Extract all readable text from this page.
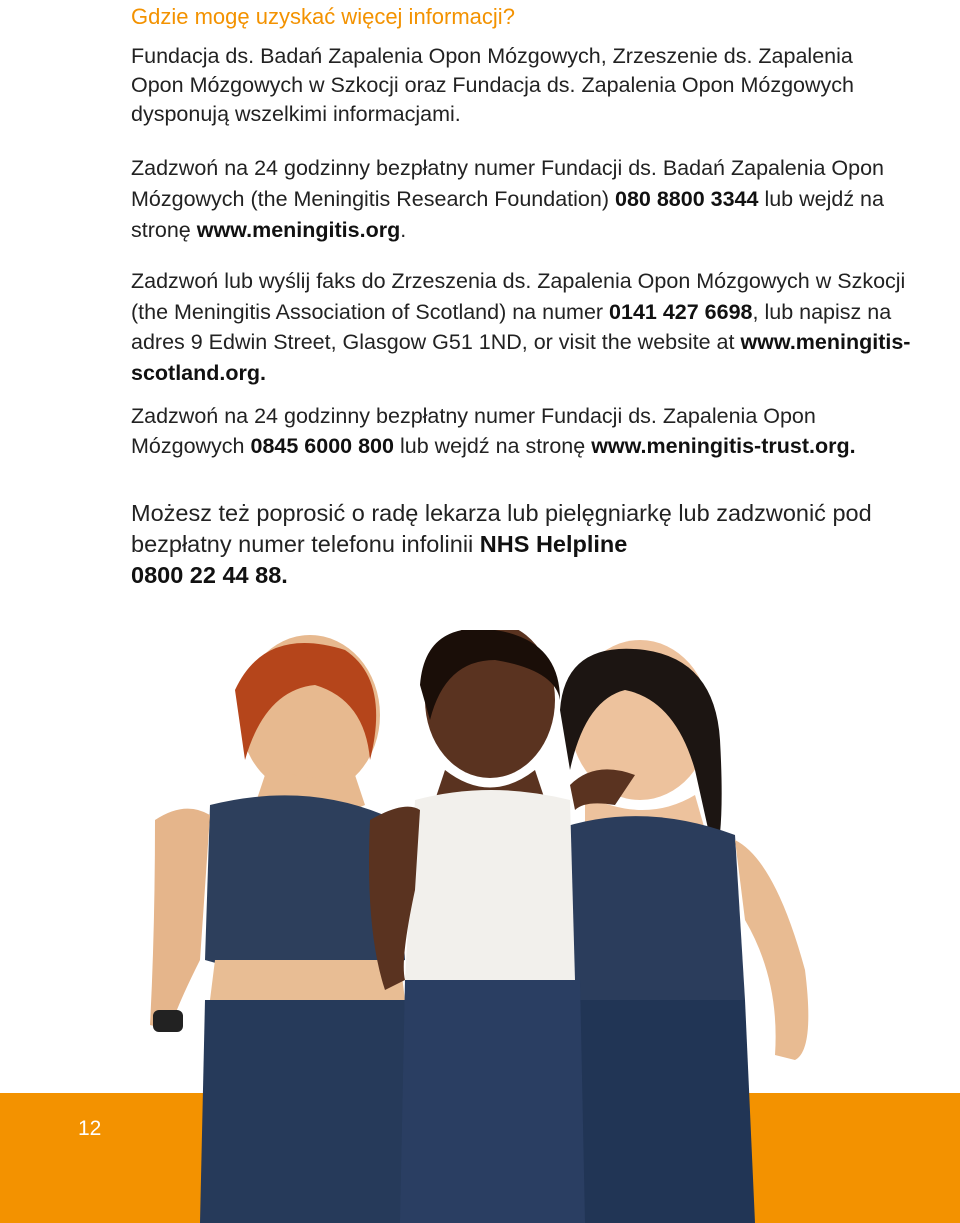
Gdzie mogę uzyskać więcej informacji?

Fundacja ds. Badań Zapalenia Opon Mózgowych, Zrzeszenie ds. Zapalenia Opon Mózgowych w Szkocji oraz Fundacja ds. Zapalenia Opon Mózgowych dysponują wszelkimi informacjami.

Zadzwoń na 24 godzinny bezpłatny numer Fundacji ds. Badań Zapalenia Opon Mózgowych (the Meningitis Research Foundation) 080 8800 3344 lub wejdź na stronę www.meningitis.org.

Zadzwoń lub wyślij faks do Zrzeszenia ds. Zapalenia Opon Mózgowych w Szkocji (the Meningitis Association of Scotland) na numer 0141 427 6698, lub napisz na adres 9 Edwin Street, Glasgow G51 1ND, or visit the website at www.meningitis-scotland.org.

Zadzwoń na 24 godzinny bezpłatny numer Fundacji ds. Zapalenia Opon Mózgowych 0845 6000 800 lub wejdź na stronę www.meningitis-trust.org.

Możesz też poprosić o radę lekarza lub pielęgniarkę lub zadzwonić pod bezpłatny numer telefonu infolinii NHS Helpline
0800 22 44 88.

12
